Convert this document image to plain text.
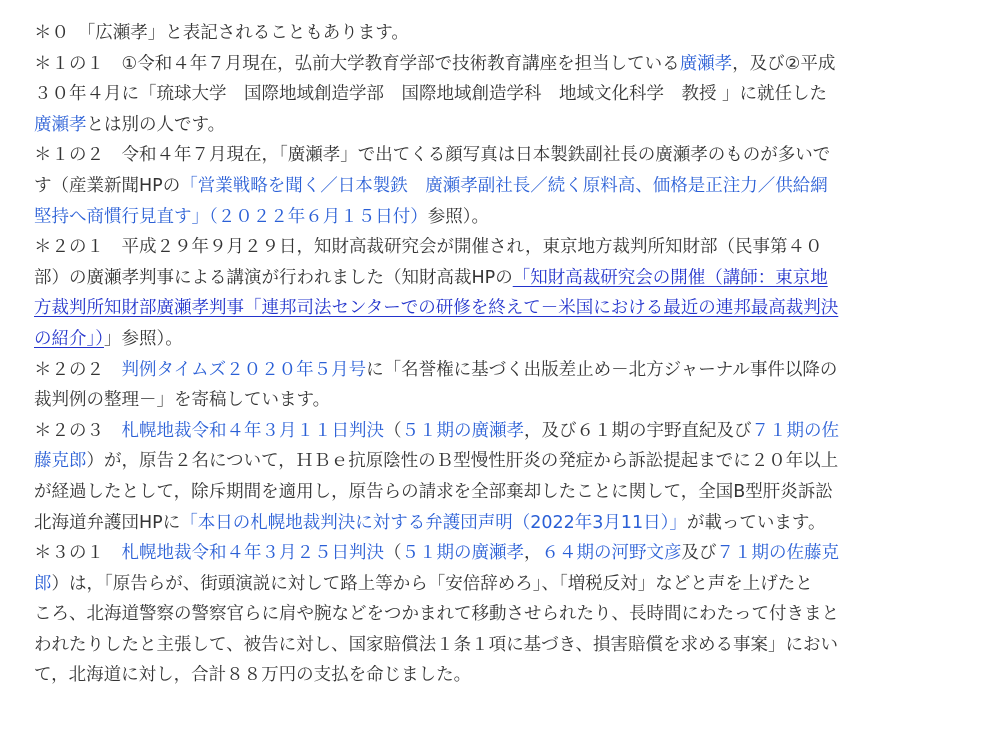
＊０　「広瀬孝」と表記されることもあります。
＊１の１　①令和４年７月現在，弘前大学教育学部で技術教育講座を担当している廣瀬孝，及び②平成
３０年４月に「琉球大学　国際地域創造学部　国際地域創造学科　地域文化科学　教授 」に就任した
廣瀬孝とは別の人です。
＊１の２　令和４年７月現在，「廣瀬孝」で出てくる顔写真は日本製鉄副社長の廣瀬孝のものが多いで
す（産業新聞HPの「営業戦略を聞く／日本製鉄　廣瀬孝副社長／続く原料高、価格是正注力／供給網
堅持へ商慣行見直す」（２０２２年６月１５日付）参照）。
＊２の１　平成２９年９月２９日，知財高裁研究会が開催され，東京地方裁判所知財部（民事第４０
部）の廣瀬孝判事による講演が行われました（知財高裁HPの「知財高裁研究会の開催（講師：東京地
方裁判所知財部廣瀬孝判事「連邦司法センターでの研修を終えて－米国における最近の連邦最高裁判決
の紹介」）」参照）。
＊２の２　判例タイムズ２０２０年５月号に「名誉権に基づく出版差止め－北方ジャーナル事件以降の
裁判例の整理－」を寄稿しています。
＊２の３　札幌地裁令和４年３月１１日判決（５１期の廣瀬孝，及び６１期の宇野直紀及び７１期の佐
藤克郎）が，原告２名について，ＨＢｅ抗原陰性のＢ型慢性肝炎の発症から訴訟提起までに２０年以上
が経過したとして，除斥期間を適用し，原告らの請求を全部棄却したことに関して，全国B型肝炎訴訟
北海道弁護団HPに「本日の札幌地裁判決に対する弁護団声明（2022年3月11日）」が載っています。
＊３の１　札幌地裁令和４年３月２５日判決（５１期の廣瀬孝，６４期の河野文彦及び７１期の佐藤克
郎）は，「原告らが、街頭演説に対して路上等から「安倍辞めろ」、「増税反対」などと声を上げたと
ころ、北海道警察の警察官らに肩や腕などをつかまれて移動させられたり、長時間にわたって付きまと
われたりしたと主張して、被告に対し、国家賠償法１条１項に基づき、損害賠償を求める事案」におい
て，北海道に対し，合計８８万円の支払を命じました。
